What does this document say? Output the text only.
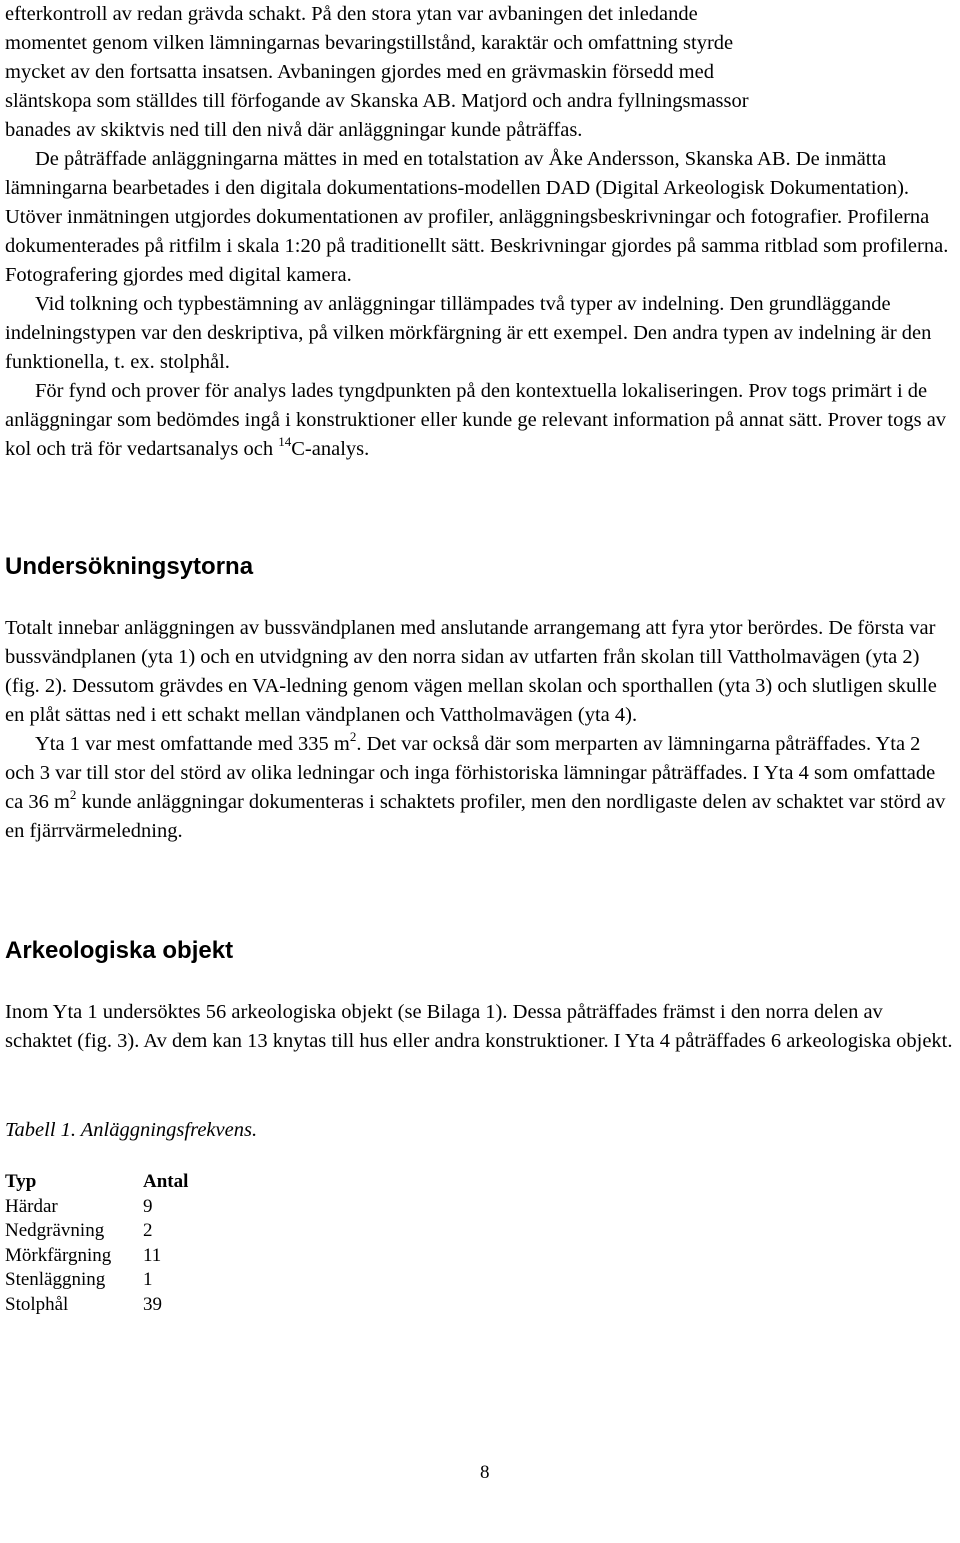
efterkontroll av redan grävda schakt. På den stora ytan var avbaningen det inledande

momentet genom vilken lämningarnas bevaringstillstånd, karaktär och omfattning styrde

mycket av den fortsatta insatsen. Avbaningen gjordes med en grävmaskin försedd med

släntskopa som ställdes till förfogande av Skanska AB. Matjord och andra fyllningsmassor

banades av skiktvis ned till den nivå där anläggningar kunde påträffas.

De påträffade anläggningarna mättes in med en totalstation av Åke Andersson, Skanska AB. De inmätta lämningarna bearbetades i den digitala dokumentations-modellen DAD (Digital Arkeologisk Dokumentation). Utöver inmätningen utgjordes dokumentationen av profiler, anläggningsbeskrivningar och fotografier. Profilerna dokumenterades på ritfilm i skala 1:20 på traditionellt sätt. Beskrivningar gjordes på samma ritblad som profilerna. Fotografering gjordes med digital kamera.

Vid tolkning och typbestämning av anläggningar tillämpades två typer av indelning. Den grundläggande indelningstypen var den deskriptiva, på vilken mörkfärgning är ett exempel. Den andra typen av indelning är den funktionella, t. ex. stolphål.

För fynd och prover för analys lades tyngdpunkten på den kontextuella lokaliseringen. Prov togs primärt i de anläggningar som bedömdes ingå i konstruktioner eller kunde ge relevant information på annat sätt. Prover togs av kol och trä för vedartsanalys och $^{14}$C-analys.

Undersökningsytorna

Totalt innebar anläggningen av bussvändplanen med anslutande arrangemang att fyra ytor berördes. De första var bussvändplanen (yta 1) och en utvidgning av den norra sidan av utfarten från skolan till Vattholmavägen (yta 2) (fig. 2). Dessutom grävdes en VA-ledning genom vägen mellan skolan och sporthallen (yta 3) och slutligen skulle en plåt sättas ned i ett schakt mellan vändplanen och Vattholmavägen (yta 4).

Yta 1 var mest omfattande med 335 $m^2$. Det var också där som merparten av lämningarna påträffades. Yta 2 och 3 var till stor del störd av olika ledningar och inga förhistoriska lämningar påträffades. I Yta 4 som omfattade ca 36 $m^2$ kunde anläggningar dokumenteras i schaktets profiler, men den nordligaste delen av schaktet var störd av en fjärrvärmeledning.

Arkeologiska objekt

Inom Yta 1 undersöktes 56 arkeologiska objekt (se Bilaga 1). Dessa påträffades främst i den norra delen av schaktet (fig. 3). Av dem kan 13 knytas till hus eller andra konstruktioner. I Yta 4 påträffades 6 arkeologiska objekt.

Tabell 1. Anläggningsfrekvens.
Typ	Antal
Härdar	9
Nedgrävning	2
Mörkfärgning	11
Stenläggning	1
Stolphål	39
8
